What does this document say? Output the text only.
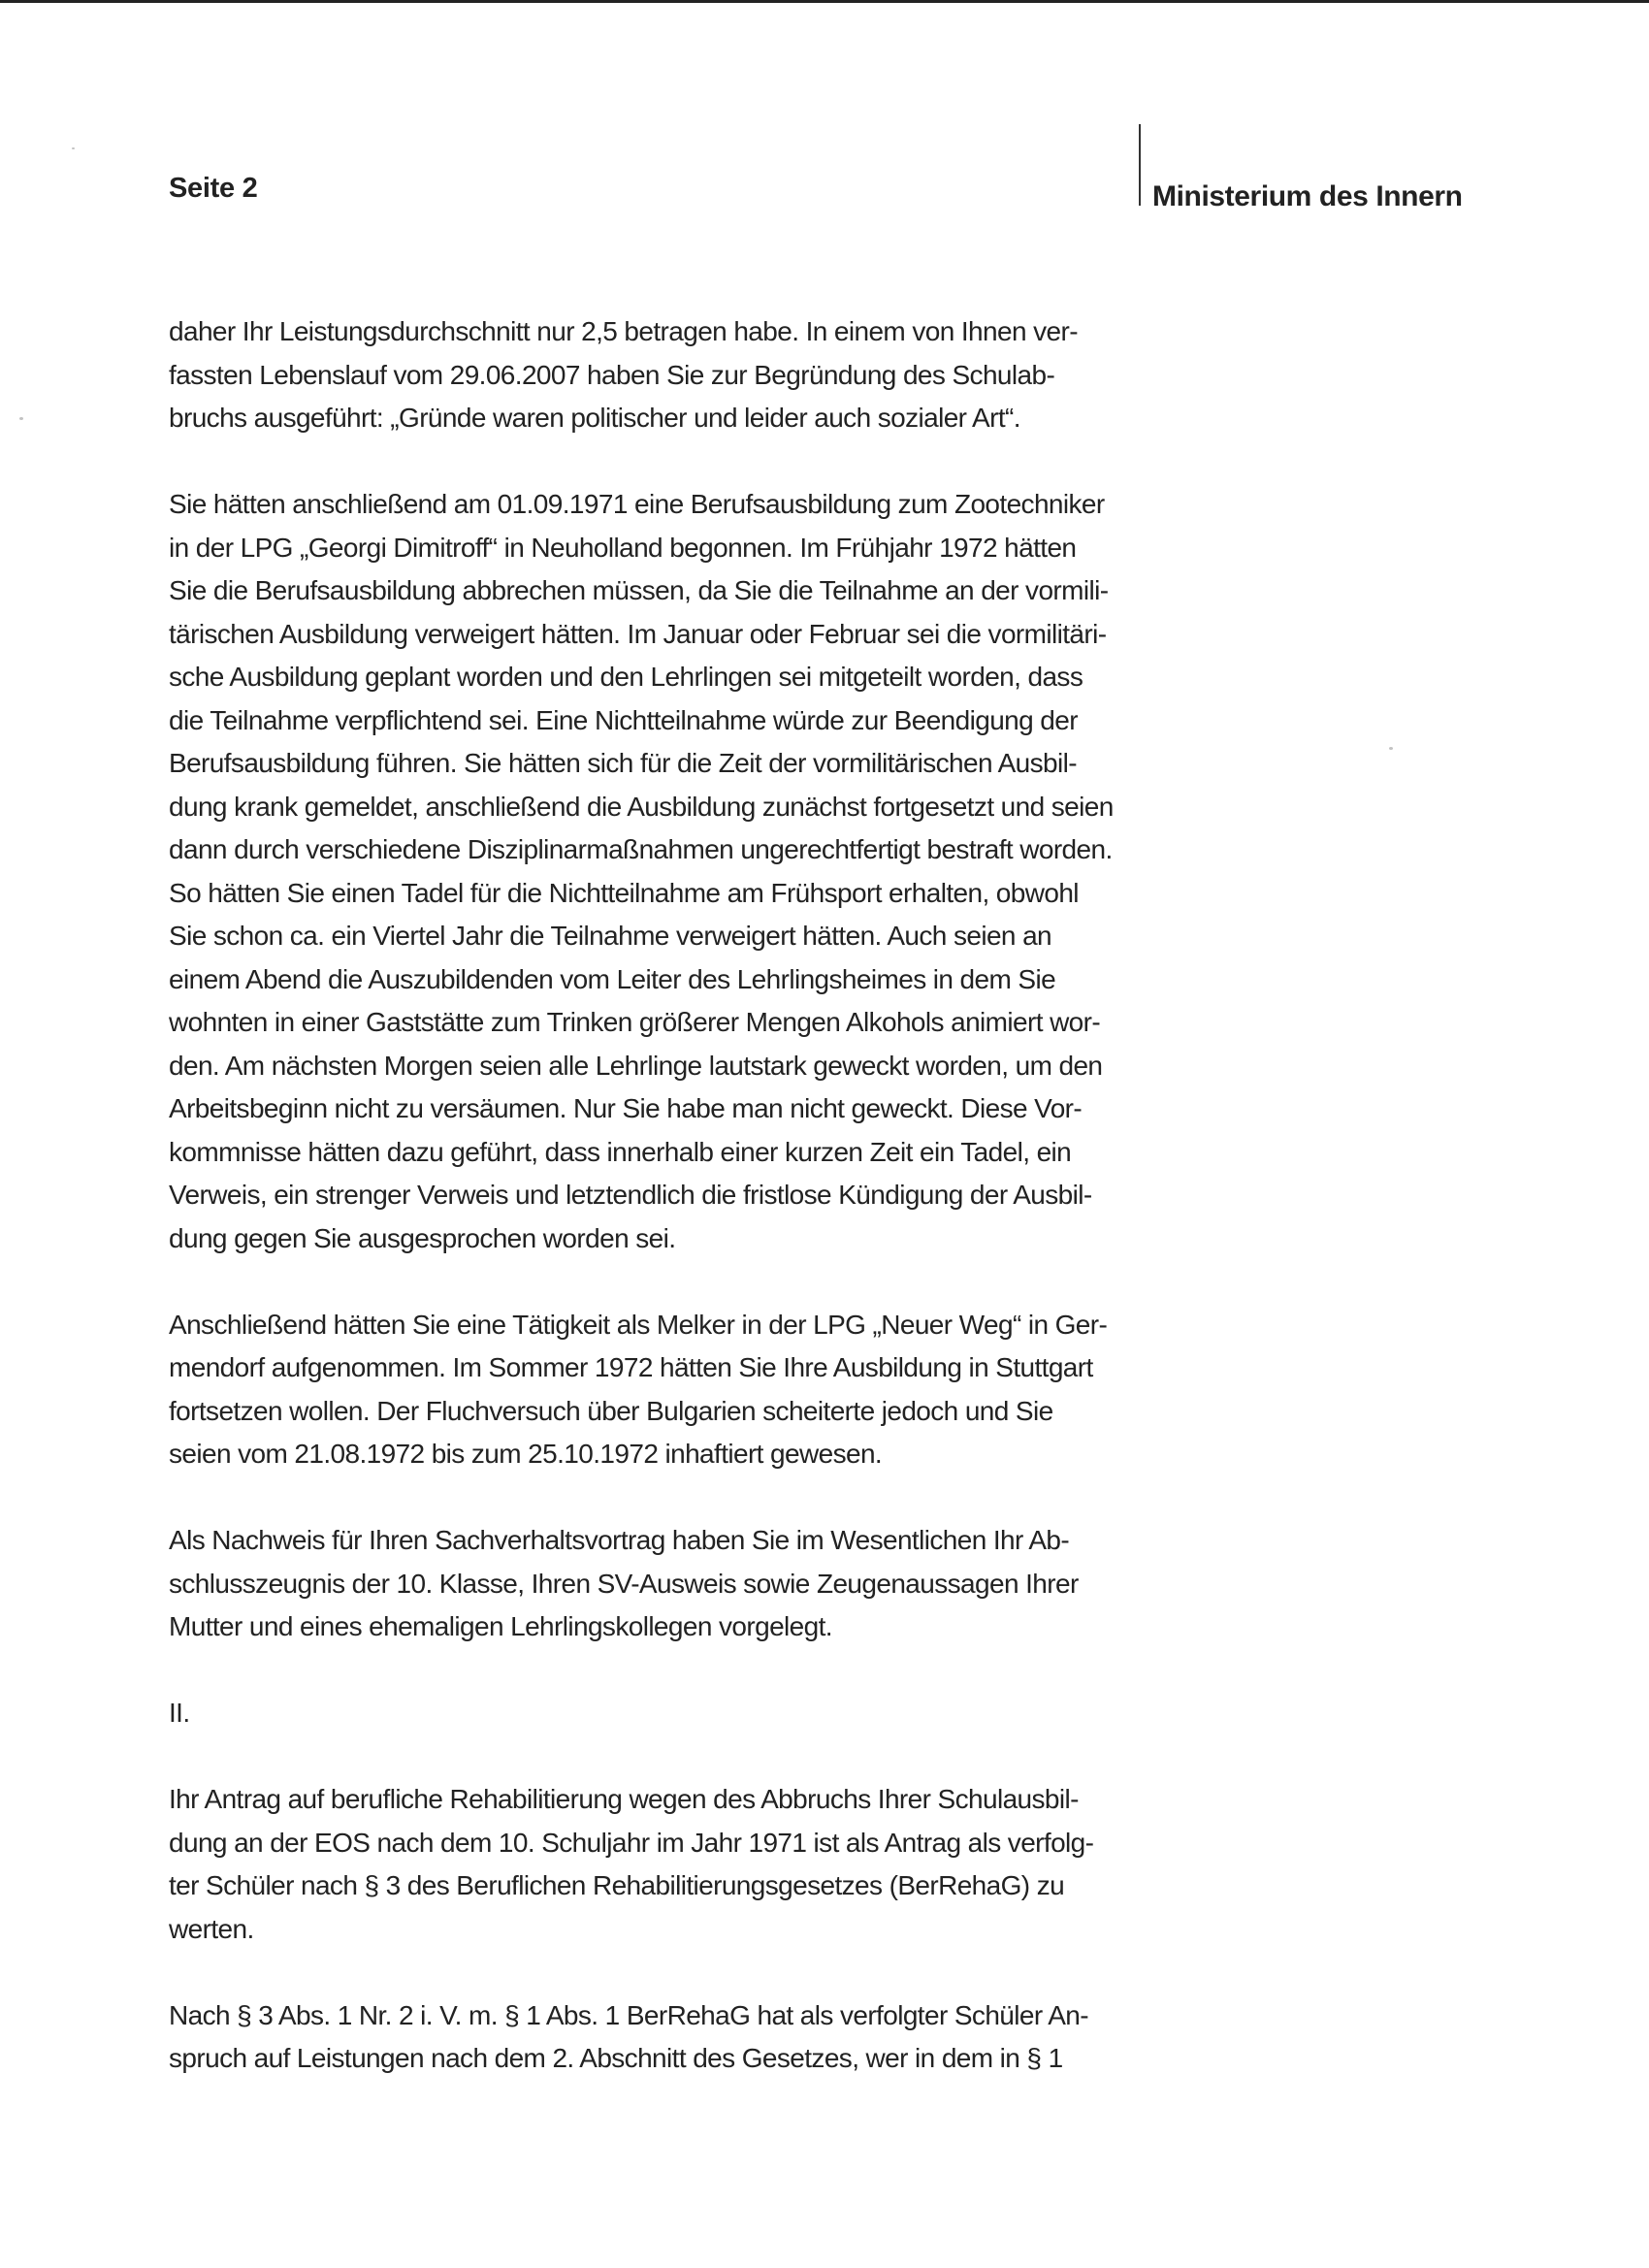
Seite 2	Ministerium des Innern
daher Ihr Leistungsdurchschnitt nur 2,5 betragen habe. In einem von Ihnen ver-
fassten Lebenslauf vom 29.06.2007 haben Sie zur Begründung des Schulab-
bruchs ausgeführt: „Gründe waren politischer und leider auch sozialer Art“.
Sie hätten anschließend am 01.09.1971 eine Berufsausbildung zum Zootechniker
in der LPG „Georgi Dimitroff“ in Neuholland begonnen. Im Frühjahr 1972 hätten
Sie die Berufsausbildung abbrechen müssen, da Sie die Teilnahme an der vormili-
tärischen Ausbildung verweigert hätten. Im Januar oder Februar sei die vormilitäri-
sche Ausbildung geplant worden und den Lehrlingen sei mitgeteilt worden, dass
die Teilnahme verpflichtend sei. Eine Nichtteilnahme würde zur Beendigung der
Berufsausbildung führen. Sie hätten sich für die Zeit der vormilitärischen Ausbil-
dung krank gemeldet, anschließend die Ausbildung zunächst fortgesetzt und seien
dann durch verschiedene Disziplinarmaßnahmen ungerechtfertigt bestraft worden.
So hätten Sie einen Tadel für die Nichtteilnahme am Frühsport erhalten, obwohl
Sie schon ca. ein Viertel Jahr die Teilnahme verweigert hätten. Auch seien an
einem Abend die Auszubildenden vom Leiter des Lehrlingsheimes in dem Sie
wohnten in einer Gaststätte zum Trinken größerer Mengen Alkohols animiert wor-
den. Am nächsten Morgen seien alle Lehrlinge lautstark geweckt worden, um den
Arbeitsbeginn nicht zu versäumen. Nur Sie habe man nicht geweckt. Diese Vor-
kommnisse hätten dazu geführt, dass innerhalb einer kurzen Zeit ein Tadel, ein
Verweis, ein strenger Verweis und letztendlich die fristlose Kündigung der Ausbil-
dung gegen Sie ausgesprochen worden sei.
Anschließend hätten Sie eine Tätigkeit als Melker in der LPG „Neuer Weg“ in Ger-
mendorf aufgenommen. Im Sommer 1972 hätten Sie Ihre Ausbildung in Stuttgart
fortsetzen wollen. Der Fluchversuch über Bulgarien scheiterte jedoch und Sie
seien vom 21.08.1972 bis zum 25.10.1972 inhaftiert gewesen.
Als Nachweis für Ihren Sachverhaltsvortrag haben Sie im Wesentlichen Ihr Ab-
schlusszeugnis der 10. Klasse, Ihren SV-Ausweis sowie Zeugenaussagen Ihrer
Mutter und eines ehemaligen Lehrlingskollegen vorgelegt.
II.
Ihr Antrag auf berufliche Rehabilitierung wegen des Abbruchs Ihrer Schulausbil-
dung an der EOS nach dem 10. Schuljahr im Jahr 1971 ist als Antrag als verfolg-
ter Schüler nach § 3 des Beruflichen Rehabilitierungsgesetzes (BerRehaG) zu
werten.
Nach § 3 Abs. 1 Nr. 2 i. V. m. § 1 Abs. 1 BerRehaG hat als verfolgter Schüler An-
spruch auf Leistungen nach dem 2. Abschnitt des Gesetzes, wer in dem in § 1
